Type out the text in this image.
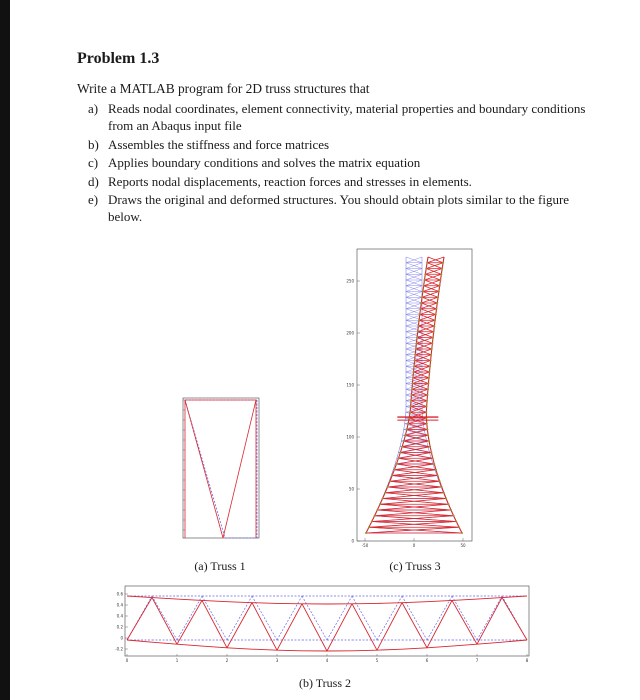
Problem 1.3
Write a MATLAB program for 2D truss structures that
a) Reads nodal coordinates, element connectivity, material properties and boundary conditions from an Abaqus input file
b) Assembles the stiffness and force matrices
c) Applies boundary conditions and solves the matrix equation
d) Reports nodal displacements, reaction forces and stresses in elements.
e) Draws the original and deformed structures. You should obtain plots similar to the figure below.
(a) Truss 1
250
200
150
100
50
0
-50	0	50
(c) Truss 3
0.6
0.4
0.4
0.2
0
-0.2
0	1	2	3	4	5	6	7	8
(b) Truss 2
